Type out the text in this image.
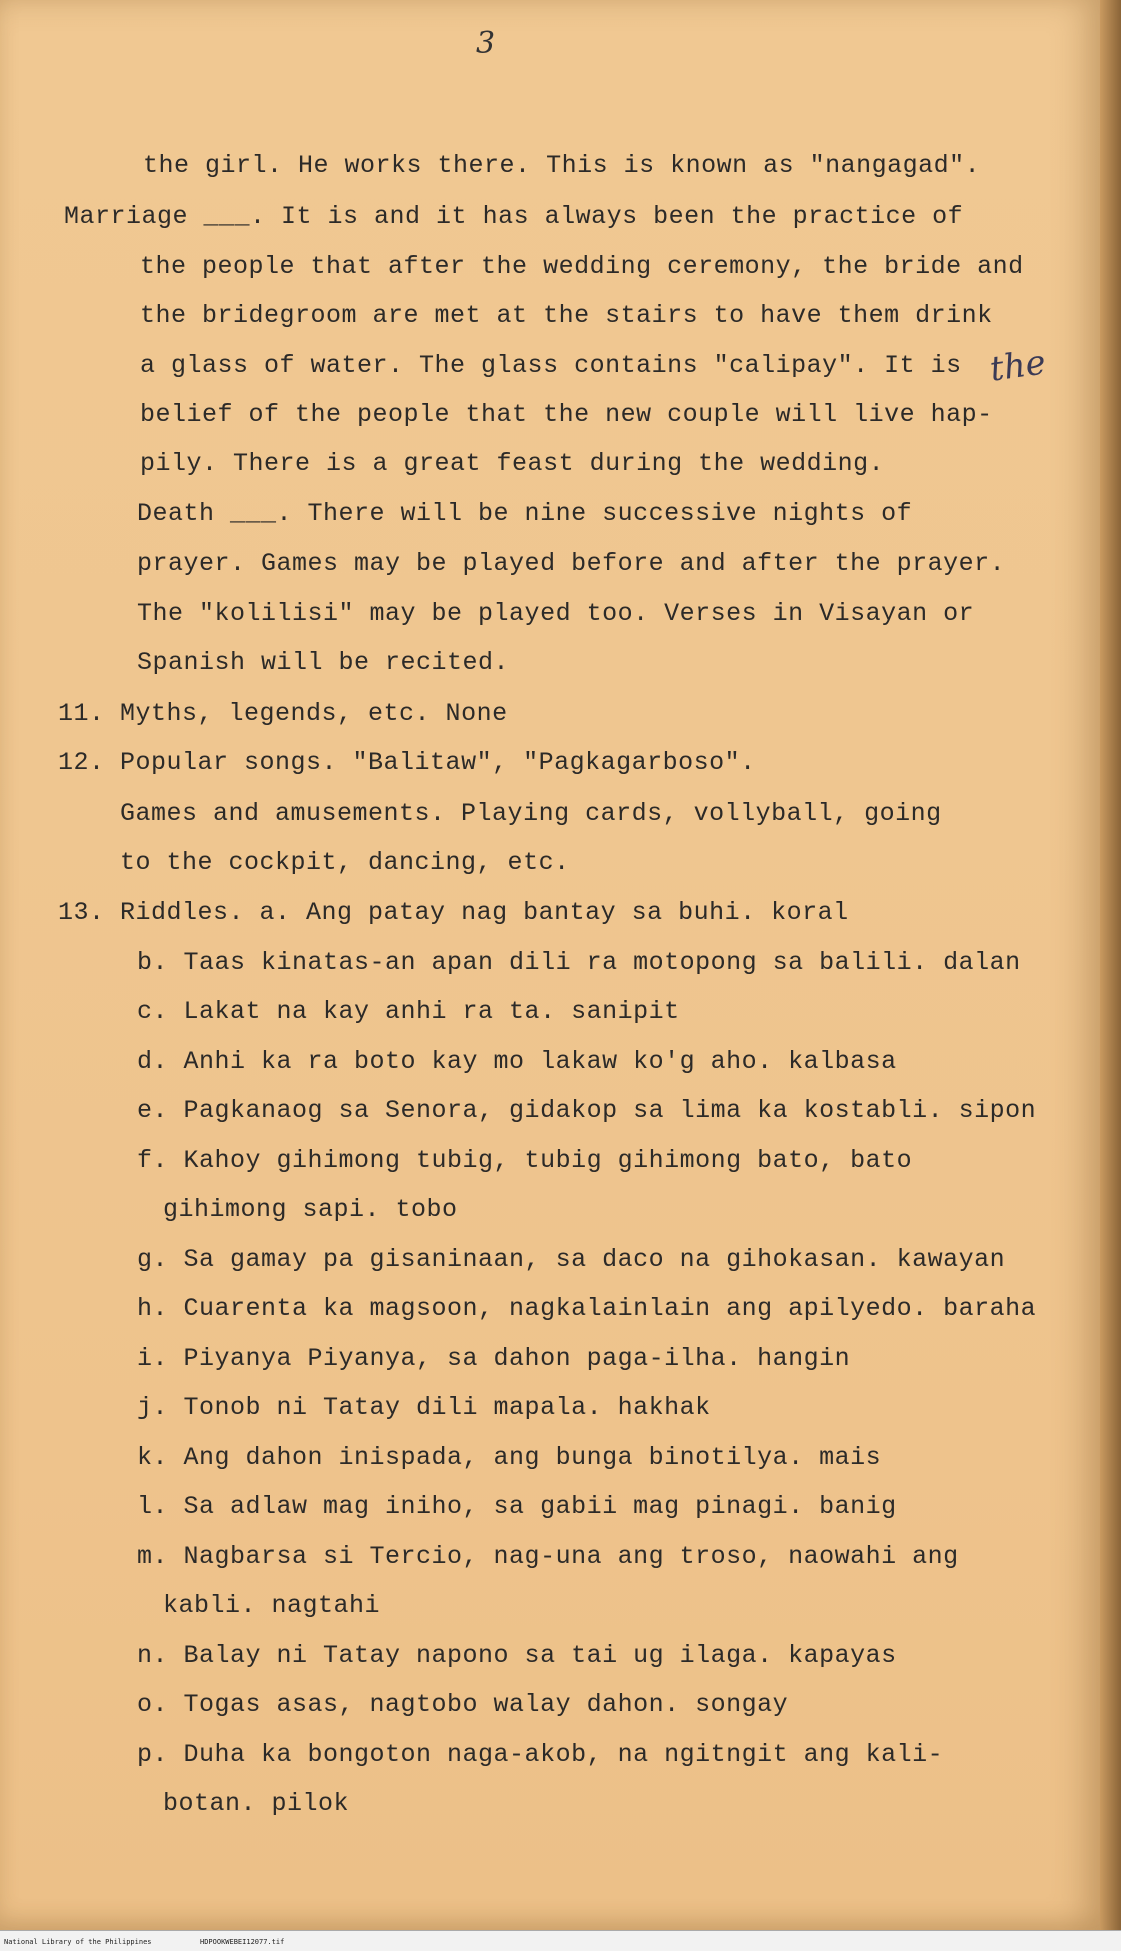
3
the girl. He works there. This is known as "nangagad".
Marriage ___. It is and it has always been the practice of
the people that after the wedding ceremony, the bride and
the bridegroom are met at the stairs to have them drink
a glass of water. The glass contains "calipay". It is the
belief of the people that the new couple will live hap-
pily. There is a great feast during the wedding.
Death ___. There will be nine successive nights of
prayer. Games may be played before and after the prayer.
The "kolilisi" may be played too. Verses in Visayan or
Spanish will be recited.
11. Myths, legends, etc. None
12. Popular songs. "Balitaw", "Pagkagarboso".
Games and amusements. Playing cards, vollyball, going
to the cockpit, dancing, etc.
13. Riddles. a. Ang patay nag bantay sa buhi. koral
b. Taas kinatas-an apan dili ra motopong sa balili. dalan
c. Lakat na kay anhi ra ta. sanipit
d. Anhi ka ra boto kay mo lakaw ko'g aho. kalbasa
e. Pagkanaog sa Senora, gidakop sa lima ka kostabli. sipon
f. Kahoy gihimong tubig, tubig gihimong bato, bato
gihimong sapi. tobo
g. Sa gamay pa gisaninaan, sa daco na gihokasan. kawayan
h. Cuarenta ka magsoon, nagkalainlain ang apilyedo. baraha
i. Piyanya Piyanya, sa dahon paga-ilha. hangin
j. Tonob ni Tatay dili mapala. hakhak
k. Ang dahon inispada, ang bunga binotilya. mais
l. Sa adlaw mag iniho, sa gabii mag pinagi. banig
m. Nagbarsa si Tercio, nag-una ang troso, naowahi ang
kabli. nagtahi
n. Balay ni Tatay napono sa tai ug ilaga. kapayas
o. Togas asas, nagtobo walay dahon. songay
p. Duha ka bongoton naga-akob, na ngitngit ang kali-
botan. pilok
National Library of the Philippines	HDPOOKWEBEI12077.tif
